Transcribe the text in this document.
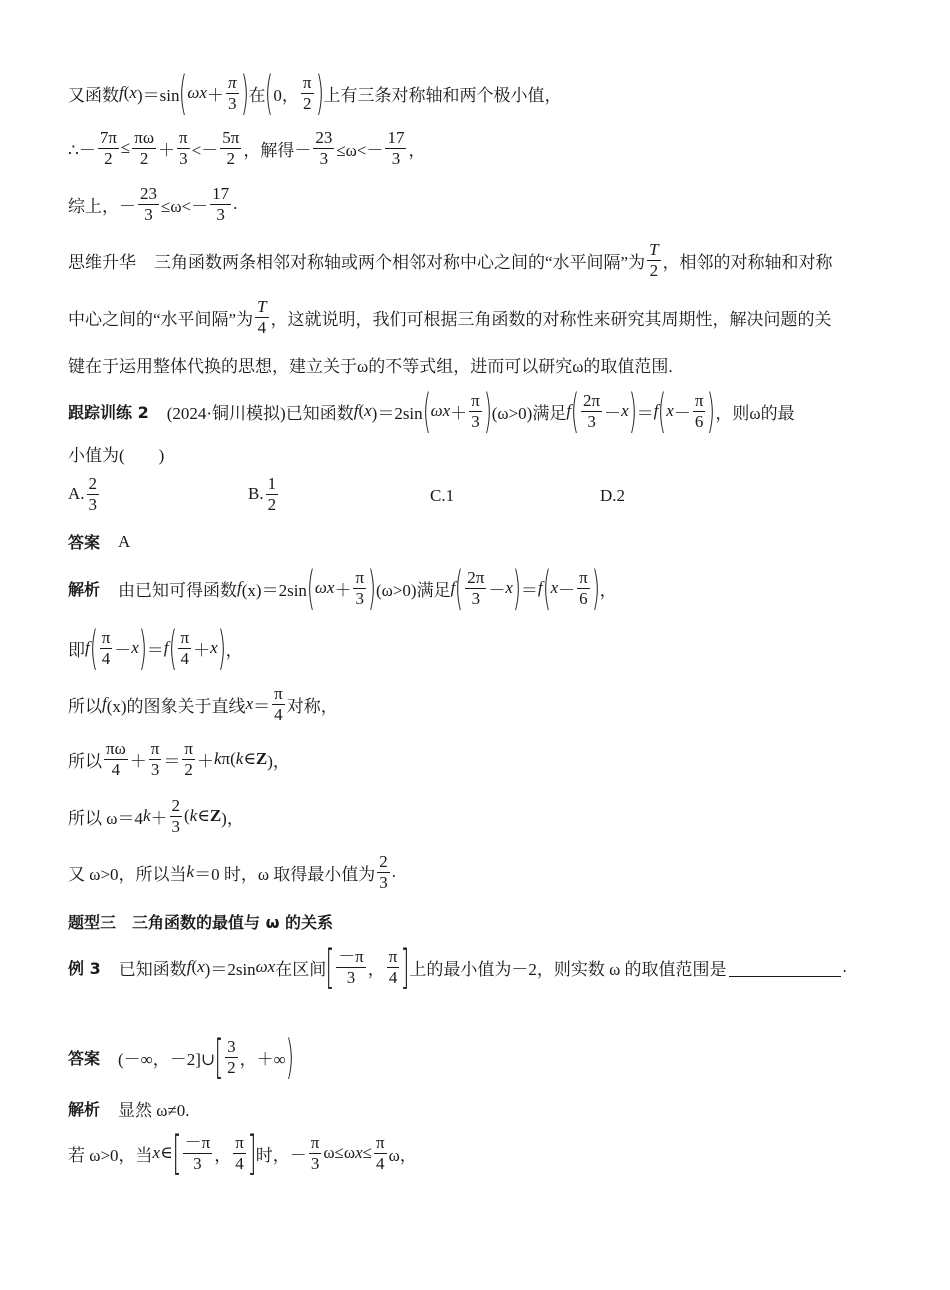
又函数 f ( x )＝sin ( $\omega x + \frac{\pi}{3}$ ) 在 ( 0， $\frac{\pi}{2}$ ) 上有三条对称轴和两个极小值，
∴－ $\frac{7\pi}{2} \le \frac{\pi\omega}{2} + \frac{\pi}{3} <- \frac{5\pi}{2}$ ，解得－ $\frac{23}{3} \le\omega<- \frac{17}{3}$ ，
综上，－ $\frac{23}{3} \le\omega<- \frac{17}{3}$ .
思维升华 三角函数两条相邻对称轴或两个相邻对称中心之间的“水平间隔”为 $\frac{T}{2}$ ，相邻的对称轴和对称
中心之间的“水平间隔”为 $\frac{T}{4}$ ，这就说明，我们可根据三角函数的对称性来研究其周期性，解决问题的关
键在于运用整体代换的思想，建立关于ω的不等式组，进而可以研究ω的取值范围.
跟踪训练 2 (2024·铜川模拟)已知函数 f ( x )＝2sin ( $\omega x + \frac{\pi}{3}$ ) (ω>0)满足 f ( $\frac{2\pi}{3} - x$ ) ＝ f ( $x - \frac{\pi}{6}$ ) ，则ω的最
小值为(　　)
A. $\frac{2}{3}$	B. $\frac{1}{2}$	C.1	D.2
答案 A
解析 由已知可得函数 f (x)＝2sin ( $\omega x + \frac{\pi}{3}$ ) (ω>0)满足 f ( $\frac{2\pi}{3} - x$ ) ＝ f ( $x - \frac{\pi}{6}$ ) ，
即 f ( $\frac{\pi}{4} - x$ ) ＝ f ( $\frac{\pi}{4} + x$ ) ，
所以 f (x)的图象关于直线 $x = \frac{\pi}{4}$ 对称，
所以 $\frac{\pi\omega}{4} + \frac{\pi}{3} = \frac{\pi}{2} + k$ π( k ∈ Z )，
所以 ω＝4 $k + \frac{2}{3}$ ( k ∈ Z )，
又 ω>0，所以当 k ＝0 时，ω 取得最小值为 $\frac{2}{3}$ .
题型三　三角函数的最值与 ω 的关系
例 3 已知函数 f ( x )＝2sin ωx 在区间 [ $\frac{-\pi}{3}$ ， $\frac{\pi}{4}$ ] 上的最小值为－2，则实数 ω 的取值范围是	.
答案 (－∞，－2]∪ [ $\frac{3}{2}$ ，＋∞ )
解析 显然 ω≠0.
若 ω>0，当 x ∈ [ $\frac{-\pi}{3}$ ， $\frac{\pi}{4}$ ] 时，－ $\frac{\pi}{3} \omega\le\omega$ $x \le \frac{\pi}{4}$ ω，
